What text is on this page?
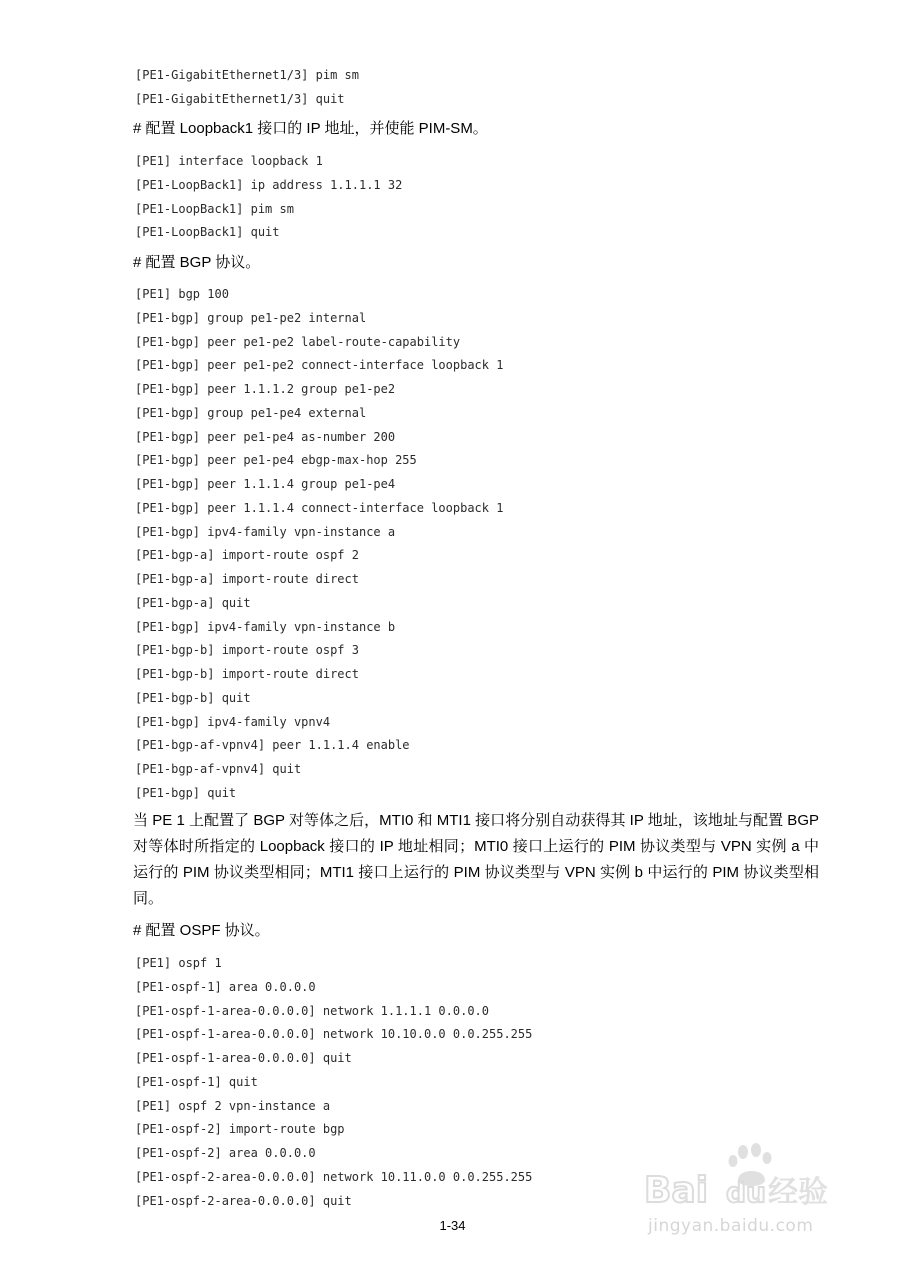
[PE1-GigabitEthernet1/3] pim sm
[PE1-GigabitEthernet1/3] quit
# 配置 Loopback1 接口的 IP 地址，并使能 PIM-SM。
[PE1] interface loopback 1
[PE1-LoopBack1] ip address 1.1.1.1 32
[PE1-LoopBack1] pim sm
[PE1-LoopBack1] quit
# 配置 BGP 协议。
[PE1] bgp 100
[PE1-bgp] group pe1-pe2 internal
[PE1-bgp] peer pe1-pe2 label-route-capability
[PE1-bgp] peer pe1-pe2 connect-interface loopback 1
[PE1-bgp] peer 1.1.1.2 group pe1-pe2
[PE1-bgp] group pe1-pe4 external
[PE1-bgp] peer pe1-pe4 as-number 200
[PE1-bgp] peer pe1-pe4 ebgp-max-hop 255
[PE1-bgp] peer 1.1.1.4 group pe1-pe4
[PE1-bgp] peer 1.1.1.4 connect-interface loopback 1
[PE1-bgp] ipv4-family vpn-instance a
[PE1-bgp-a] import-route ospf 2
[PE1-bgp-a] import-route direct
[PE1-bgp-a] quit
[PE1-bgp] ipv4-family vpn-instance b
[PE1-bgp-b] import-route ospf 3
[PE1-bgp-b] import-route direct
[PE1-bgp-b] quit
[PE1-bgp] ipv4-family vpnv4
[PE1-bgp-af-vpnv4] peer 1.1.1.4 enable
[PE1-bgp-af-vpnv4] quit
[PE1-bgp] quit
当 PE 1 上配置了 BGP 对等体之后，MTI0 和 MTI1 接口将分别自动获得其 IP 地址，该地址与配置 BGP 对等体时所指定的 Loopback 接口的 IP 地址相同；MTI0 接口上运行的 PIM 协议类型与 VPN 实例 a 中运行的 PIM 协议类型相同；MTI1 接口上运行的 PIM 协议类型与 VPN 实例 b 中运行的 PIM 协议类型相同。
# 配置 OSPF 协议。
[PE1] ospf 1
[PE1-ospf-1] area 0.0.0.0
[PE1-ospf-1-area-0.0.0.0] network 1.1.1.1 0.0.0.0
[PE1-ospf-1-area-0.0.0.0] network 10.10.0.0 0.0.255.255
[PE1-ospf-1-area-0.0.0.0] quit
[PE1-ospf-1] quit
[PE1] ospf 2 vpn-instance a
[PE1-ospf-2] import-route bgp
[PE1-ospf-2] area 0.0.0.0
[PE1-ospf-2-area-0.0.0.0] network 10.11.0.0 0.0.255.255
[PE1-ospf-2-area-0.0.0.0] quit
1-34
Bai 经验
du
jingyan.baidu.com
